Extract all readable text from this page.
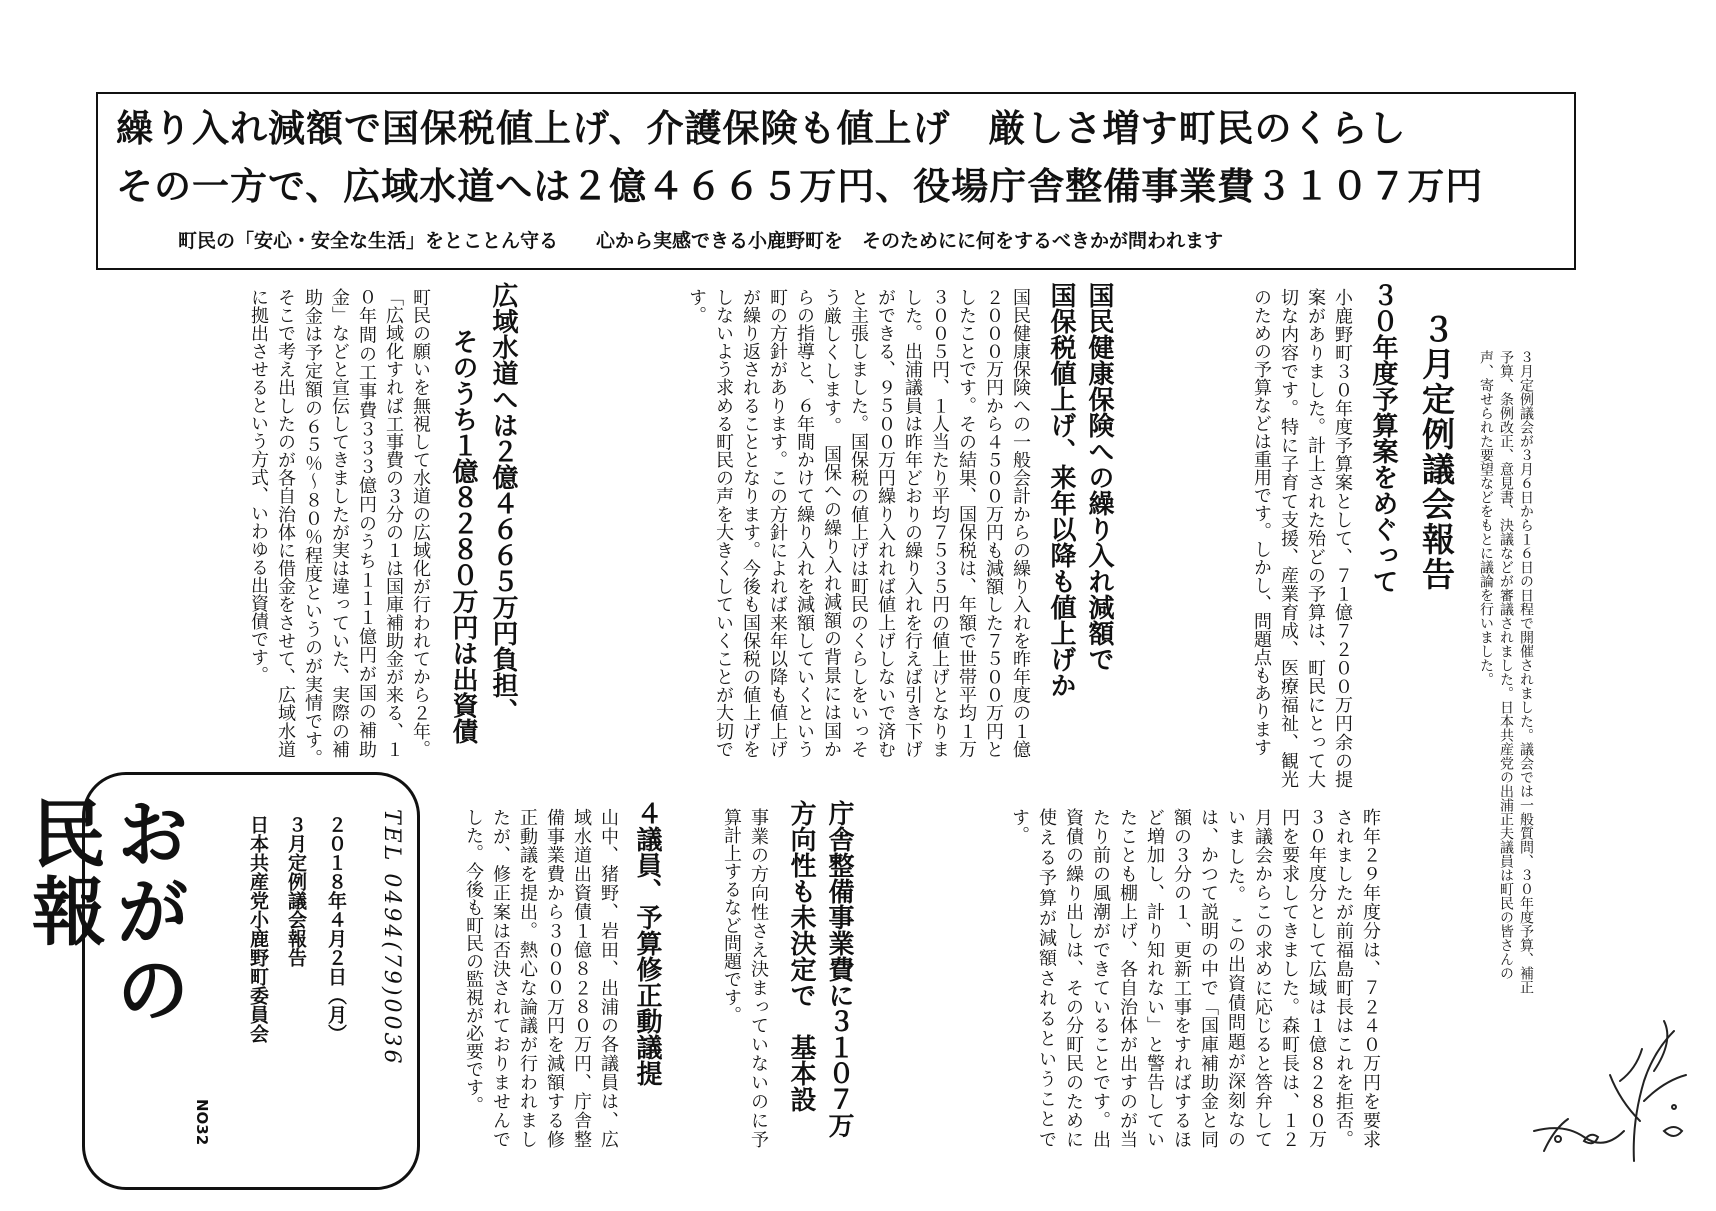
繰り入れ減額で国保税値上げ、介護保険も値上げ　厳しさ増す町民のくらし
その一方で、広域水道へは２億４６６５万円、役場庁舎整備事業費３１０７万円
町民の「安心・安全な生活」をとことん守る　　心から実感できる小鹿野町を　そのためにに何をするべきかが問われます
３月定例議会報告	３月定例議会が３月６日から１６日の日程で開催されました。議会では一般質問、３０年度予算、補正予算、条例改正、意見書、決議などが審議されました。日本共産党の出浦正夫議員は町民の皆さんの声、寄せられた要望などをもとに議論を行いました。
３０年度予算案をめぐって
小鹿野町３０年度予算案として、７１億７２００万円余の提案がありました。計上された殆どの予算は、町民にとって大切な内容です。特に子育て支援、産業育成、医療福祉、観光のための予算などは重用です。しかし、問題点もあります
国民健康保険への繰り入れ減額で
国保税値上げ、来年以降も値上げか
国民健康保険への一般会計からの繰り入れを昨年度の１億２０００万円から４５００万円も減額した７５００万円としたことです。その結果、国保税は、年額で世帯平均１万３００５円、１人当たり平均７５３５円の値上げとなりました。出浦議員は昨年どおりの繰り入れを行えば引き下げができる、９５００万円繰り入れれば値上げしないで済むと主張しました。国保税の値上げは町民のくらしをいっそう厳しくします。　国保への繰り入れ減額の背景には国からの指導と、６年間かけて繰り入れを減額していくという町の方針があります。この方針によれば来年以降も値上げが繰り返されることとなります。今後も国保税の値上げをしないよう求める町民の声を大きくしていくことが大切です。
広域水道へは２億４６６５万円負担、
そのうち１億８２８０万円は出資債
町民の願いを無視して水道の広域化が行われてから２年。「広域化すれば工事費の３分の１は国庫補助金が来る、１０年間の工事費３３３億円のうち１１１億円が国の補助金」などと宣伝してきましたが実は違っていた、実際の補助金は予定額の６５％～８０％程度というのが実情です。　そこで考え出したのが各自治体に借金をさせて、広域水道に拠出させるという方式、いわゆる出資債です。
昨年２９年度分は、７２４０万円を要求されましたが前福島町長はこれを拒否。３０年度分として広域は１億８２８０万円を要求してきました。森町長は、１２月議会からこの求めに応じると答弁していました。　この出資債問題が深刻なのは、かつて説明の中で「国庫補助金と同額の３分の１、更新工事をすればするほど増加し、計り知れない」と警告していたことも棚上げ、各自治体が出すのが当たり前の風潮ができていることです。出資債の繰り出しは、その分町民のために使える予算が減額されるということです。
庁舎整備事業費に３１０７万
方向性も未決定で　基本設
事業の方向性さえ決まっていないのに予算計上するなど問題です。
４議員、予算修正動議提
山中、猪野、岩田、出浦の各議員は、広域水道出資債１億８２８０万円、庁舎整備事業費から３０００万円を減額する修正動議を提出。熱心な論議が行われましたが、修正案は否決されておりませんでした。今後も町民の監視が必要です。
おがの民報
NO32
日本共産党小鹿野町委員会 ３月定例議会報告 ２０１８年４月２日（月） TEL 0494(79)0036
